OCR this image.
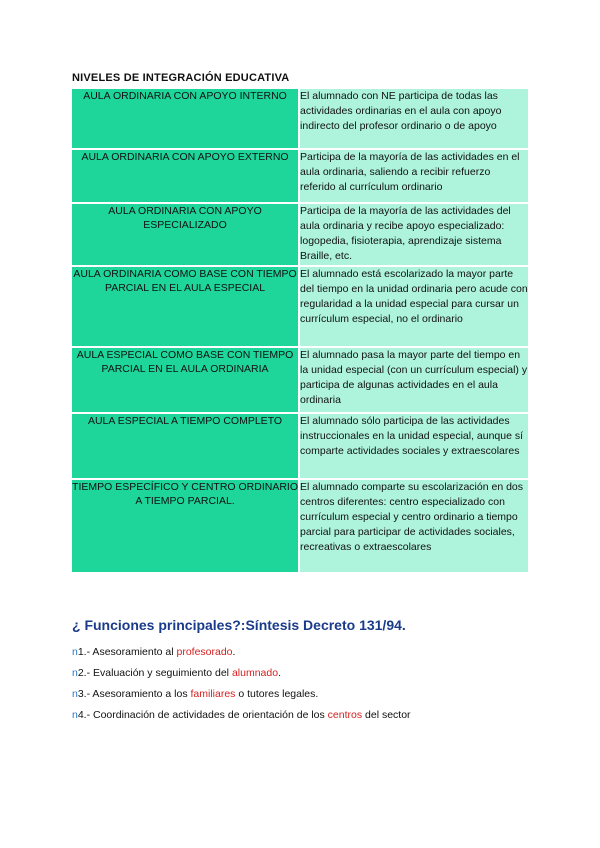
NIVELES DE INTEGRACIÓN EDUCATIVA
AULA ORDINARIA CON APOYO INTERNO	El alumnado con NE participa de todas las actividades ordinarias en el aula con apoyo indirecto del profesor ordinario o de apoyo
AULA ORDINARIA CON APOYO EXTERNO	Participa de la mayoría de las actividades en el aula ordinaria, saliendo a recibir refuerzo referido al currículum ordinario
AULA ORDINARIA CON APOYO ESPECIALIZADO	Participa de la mayoría de las actividades del aula ordinaria y recibe apoyo especializado: logopedia, fisioterapia, aprendizaje sistema Braille, etc.
AULA ORDINARIA COMO BASE CON TIEMPO PARCIAL EN EL AULA ESPECIAL	El alumnado está escolarizado la mayor parte del tiempo en la unidad ordinaria pero acude con regularidad a la unidad especial para cursar un currículum especial, no el ordinario
AULA ESPECIAL COMO BASE CON TIEMPO PARCIAL EN EL AULA ORDINARIA	El alumnado pasa la mayor parte del tiempo en la unidad especial (con un currículum especial) y participa de algunas actividades en el aula ordinaria
AULA ESPECIAL A TIEMPO COMPLETO	El alumnado sólo participa de las actividades instruccionales en la unidad especial, aunque sí comparte actividades sociales y extraescolares
TIEMPO ESPECÍFICO Y CENTRO ORDINARIO A TIEMPO PARCIAL.	El alumnado comparte su escolarización en dos centros diferentes: centro especializado con currículum especial y centro ordinario a tiempo parcial para participar de actividades sociales, recreativas o extraescolares
¿ Funciones principales?:Síntesis Decreto 131/94.
n1.- Asesoramiento al profesorado.
n2.- Evaluación y seguimiento del alumnado.
n3.- Asesoramiento a los familiares o tutores legales.
n4.- Coordinación de actividades de orientación de los centros del sector
